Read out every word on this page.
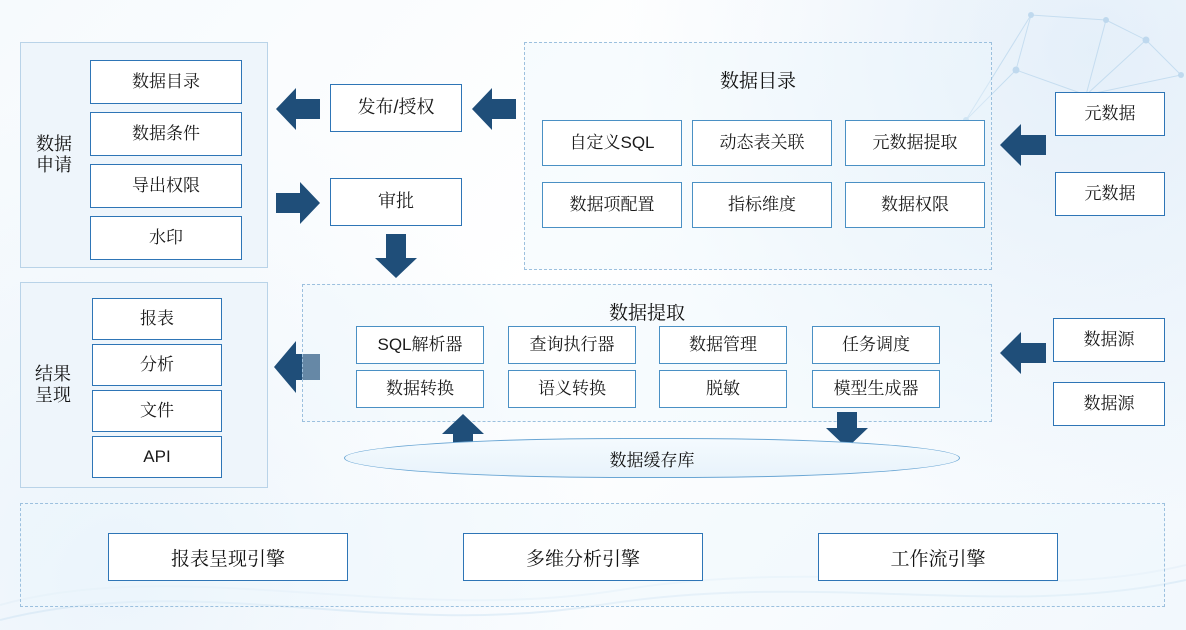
数据申请
数据目录
数据条件
导出权限
水印
发布/授权
审批
数据目录
自定义SQL	动态表关联	元数据提取
数据项配置	指标维度	数据权限
元数据
元数据
结果呈现
报表
分析
文件
API
数据提取
SQL解析器	查询执行器	数据管理	任务调度
数据转换	语义转换	脱敏	模型生成器
数据源
数据源
数据缓存库
报表呈现引擎	多维分析引擎	工作流引擎
